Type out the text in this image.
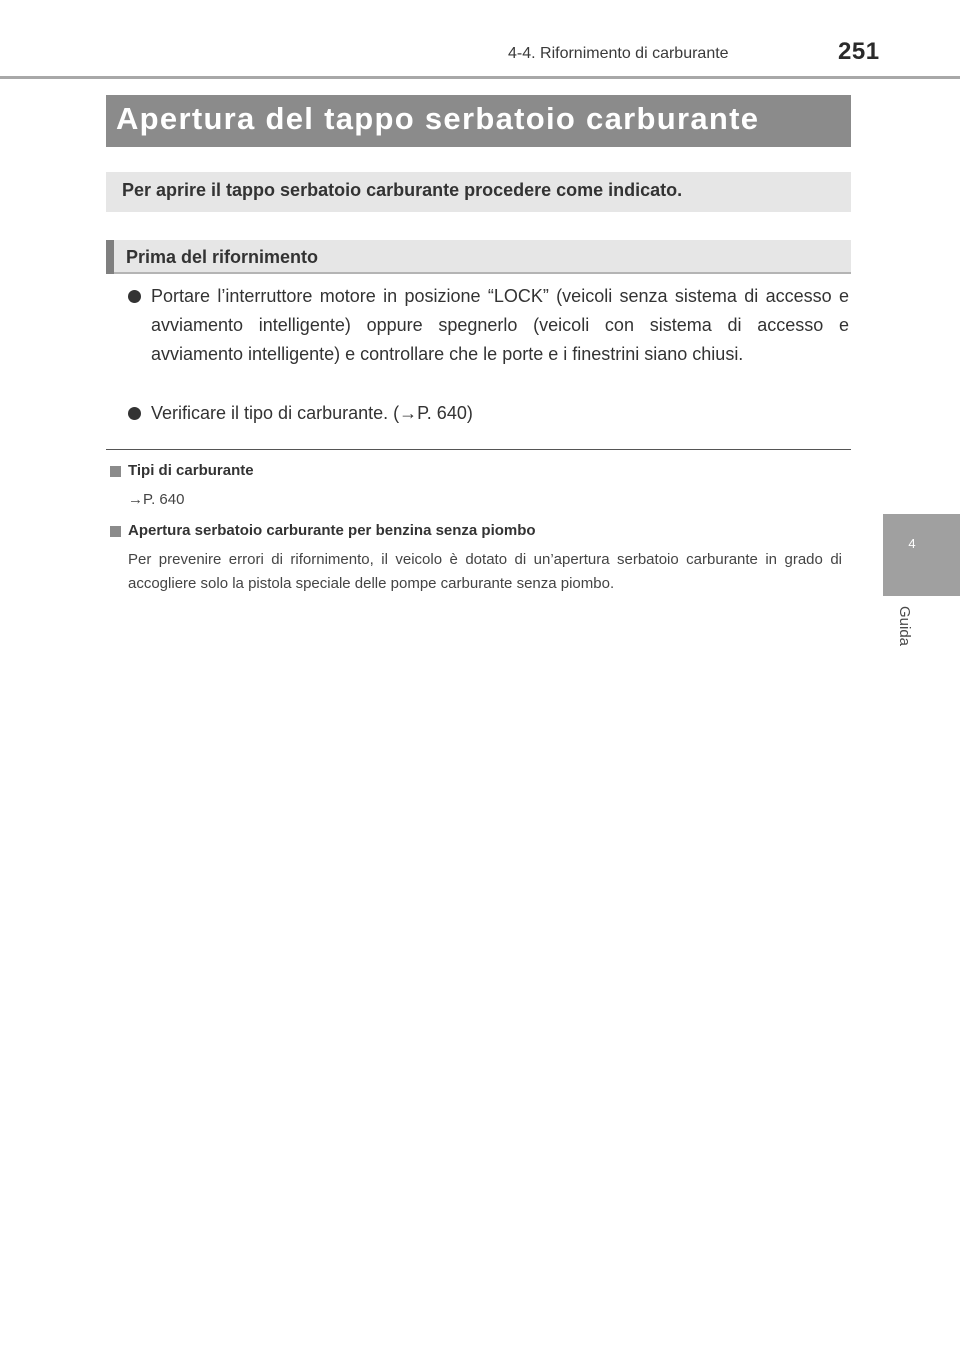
4-4. Rifornimento di carburante	251
4
Guida
Apertura del tappo serbatoio carburante
Per aprire il tappo serbatoio carburante procedere come indicato.
Prima del rifornimento
Portare l’interruttore motore in posizione “LOCK” (veicoli senza sistema di accesso e avviamento intelligente) oppure spegnerlo (veicoli con sistema di accesso e avviamento intelligente) e controllare che le porte e i finestrini siano chiusi.
Verificare il tipo di carburante. (→P. 640)
Tipi di carburante
→P. 640
Apertura serbatoio carburante per benzina senza piombo
Per prevenire errori di rifornimento, il veicolo è dotato di un’apertura serbatoio carburante in grado di accogliere solo la pistola speciale delle pompe carburante senza piombo.
